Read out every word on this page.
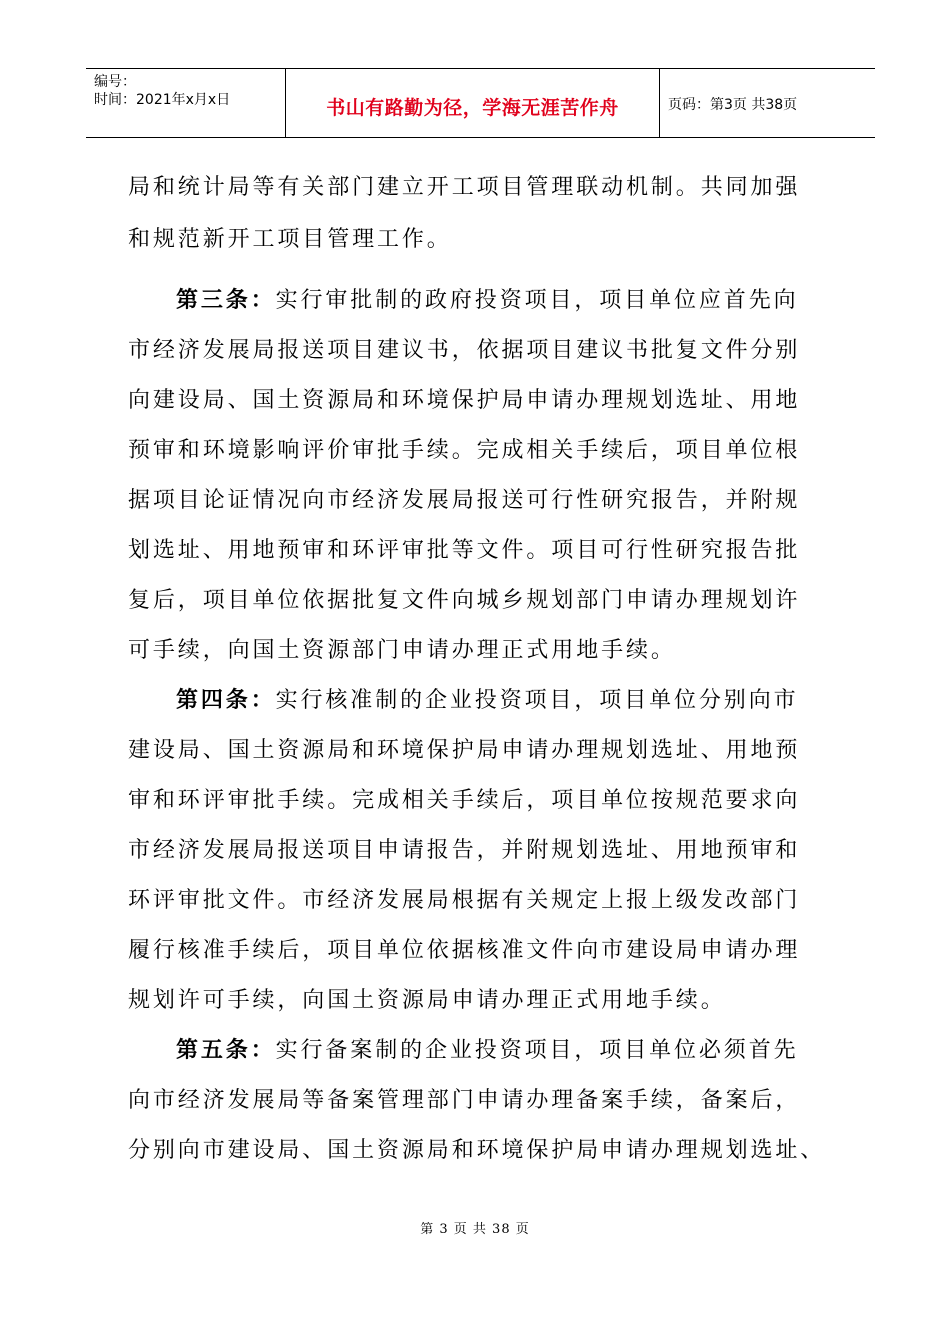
编号：
时间：2021年x月x日	书山有路勤为径，学海无涯苦作舟	页码：第3页 共38页
局和统计局等有关部门建立开工项目管理联动机制。共同加强
和规范新开工项目管理工作。
第三条：实行审批制的政府投资项目，项目单位应首先向
市经济发展局报送项目建议书，依据项目建议书批复文件分别
向建设局、国土资源局和环境保护局申请办理规划选址、用地
预审和环境影响评价审批手续。完成相关手续后，项目单位根
据项目论证情况向市经济发展局报送可行性研究报告，并附规
划选址、用地预审和环评审批等文件。项目可行性研究报告批
复后，项目单位依据批复文件向城乡规划部门申请办理规划许
可手续，向国土资源部门申请办理正式用地手续。
第四条：实行核准制的企业投资项目，项目单位分别向市
建设局、国土资源局和环境保护局申请办理规划选址、用地预
审和环评审批手续。完成相关手续后，项目单位按规范要求向
市经济发展局报送项目申请报告，并附规划选址、用地预审和
环评审批文件。市经济发展局根据有关规定上报上级发改部门
履行核准手续后，项目单位依据核准文件向市建设局申请办理
规划许可手续，向国土资源局申请办理正式用地手续。
第五条：实行备案制的企业投资项目，项目单位必须首先
向市经济发展局等备案管理部门申请办理备案手续，备案后，
分别向市建设局、国土资源局和环境保护局申请办理规划选址、
第 3 页 共 38 页
